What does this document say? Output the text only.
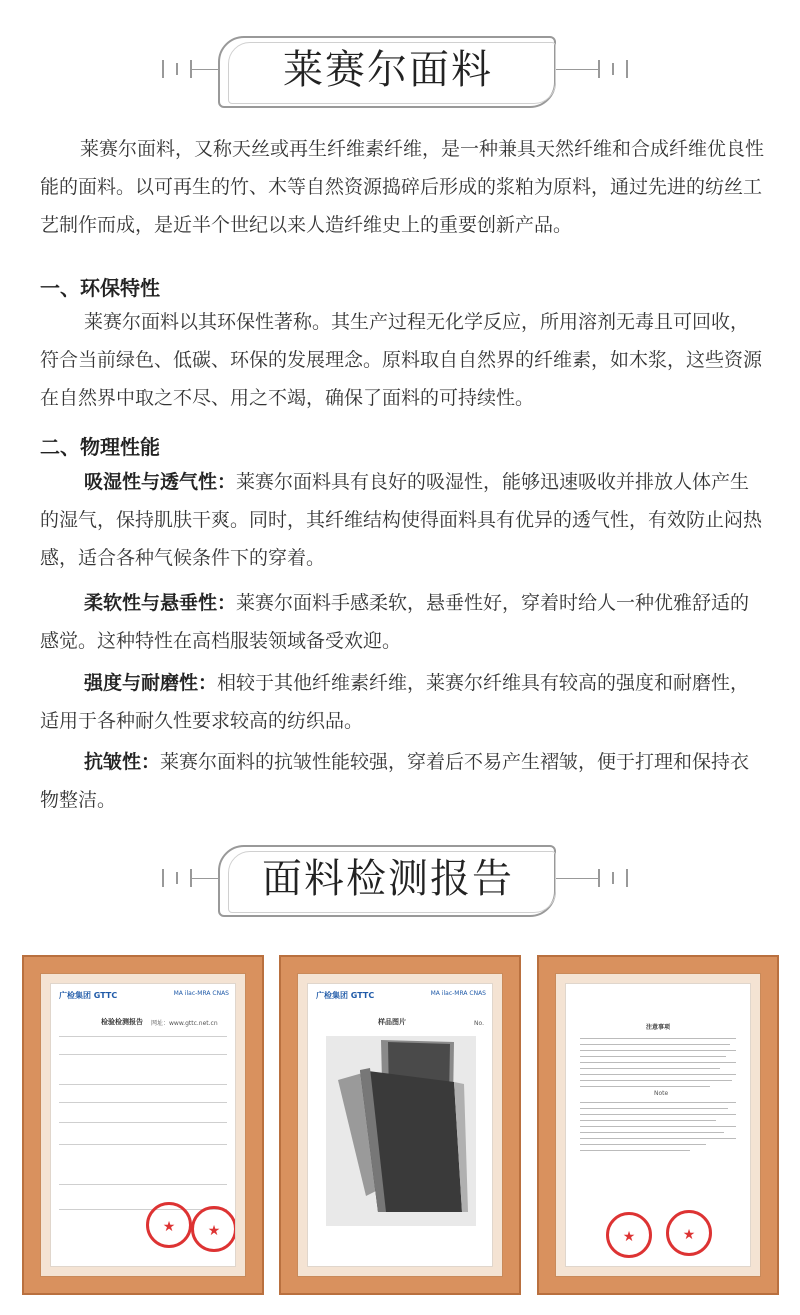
莱赛尔面料

莱赛尔面料，又称天丝或再生纤维素纤维，是一种兼具天然纤维和合成纤维优良性能的面料。以可再生的竹、木等自然资源捣碎后形成的浆粕为原料，通过先进的纺丝工艺制作而成，是近半个世纪以来人造纤维史上的重要创新产品。

一、环保特性

莱赛尔面料以其环保性著称。其生产过程无化学反应，所用溶剂无毒且可回收，符合当前绿色、低碳、环保的发展理念。原料取自自然界的纤维素，如木浆，这些资源在自然界中取之不尽、用之不竭，确保了面料的可持续性。

二、物理性能

吸湿性与透气性：莱赛尔面料具有良好的吸湿性，能够迅速吸收并排放人体产生的湿气，保持肌肤干爽。同时，其纤维结构使得面料具有优异的透气性，有效防止闷热感，适合各种气候条件下的穿着。

柔软性与悬垂性：莱赛尔面料手感柔软，悬垂性好，穿着时给人一种优雅舒适的感觉。这种特性在高档服装领域备受欢迎。

强度与耐磨性：相较于其他纤维素纤维，莱赛尔纤维具有较高的强度和耐磨性，适用于各种耐久性要求较高的纺织品。

抗皱性：莱赛尔面料的抗皱性能较强，穿着后不易产生褶皱，便于打理和保持衣物整洁。

面料检测报告
广检集团 GTTC	MA ilac-MRA CNAS
检验检测报告 网址：www.gttc.net.cn
★	★
广检集团 GTTC	MA ilac-MRA CNAS
样品图片	No.
注意事项
Note
★	★
